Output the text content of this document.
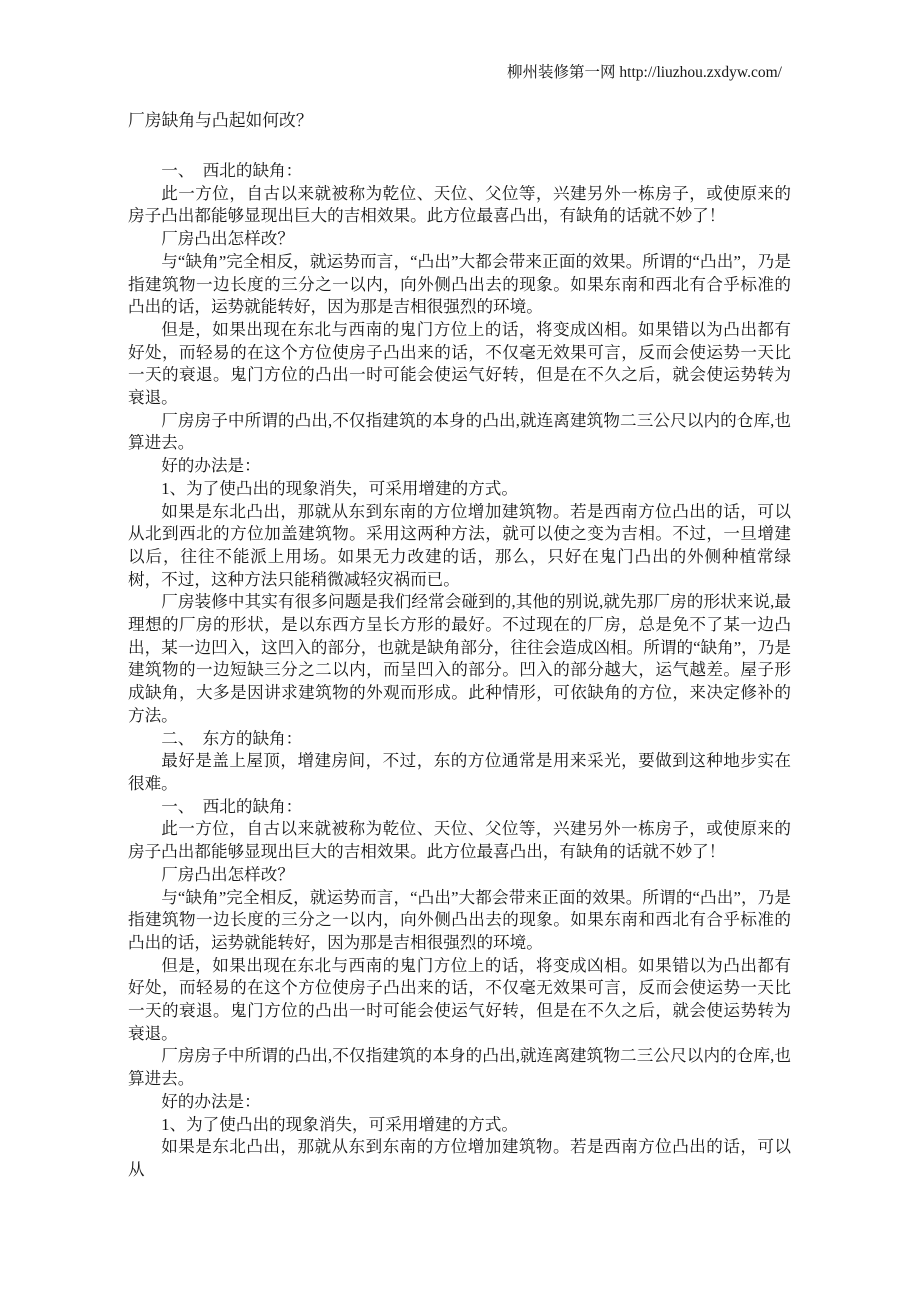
柳州装修第一网 http://liuzhou.zxdyw.com/
厂房缺角与凸起如何改？

一、　西北的缺角：

此一方位，自古以来就被称为乾位、天位、父位等，兴建另外一栋房子，或使原来的房子凸出都能够显现出巨大的吉相效果。此方位最喜凸出，有缺角的话就不妙了！

厂房凸出怎样改？

与“缺角”完全相反，就运势而言，“凸出”大都会带来正面的效果。所谓的“凸出”，乃是指建筑物一边长度的三分之一以内，向外侧凸出去的现象。如果东南和西北有合乎标准的凸出的话，运势就能转好，因为那是吉相很强烈的环境。

但是，如果出现在东北与西南的鬼门方位上的话，将变成凶相。如果错以为凸出都有好处，而轻易的在这个方位使房子凸出来的话，不仅毫无效果可言，反而会使运势一天比一天的衰退。鬼门方位的凸出一时可能会使运气好转，但是在不久之后，就会使运势转为衰退。

厂房房子中所谓的凸出,不仅指建筑的本身的凸出,就连离建筑物二三公尺以内的仓库,也算进去。

好的办法是：

1、为了使凸出的现象消失，可采用增建的方式。

如果是东北凸出，那就从东到东南的方位增加建筑物。若是西南方位凸出的话，可以从北到西北的方位加盖建筑物。采用这两种方法，就可以使之变为吉相。不过，一旦增建以后，往往不能派上用场。如果无力改建的话，那么，只好在鬼门凸出的外侧种植常绿树，不过，这种方法只能稍微减轻灾祸而已。

厂房装修中其实有很多问题是我们经常会碰到的,其他的别说,就先那厂房的形状来说,最理想的厂房的形状，是以东西方呈长方形的最好。不过现在的厂房，总是免不了某一边凸出，某一边凹入，这凹入的部分，也就是缺角部分，往往会造成凶相。所谓的“缺角”，乃是建筑物的一边短缺三分之二以内，而呈凹入的部分。凹入的部分越大，运气越差。屋子形成缺角，大多是因讲求建筑物的外观而形成。此种情形，可依缺角的方位，来决定修补的方法。

二、　东方的缺角：

最好是盖上屋顶，增建房间，不过，东的方位通常是用来采光，要做到这种地步实在很难。

一、　西北的缺角：

此一方位，自古以来就被称为乾位、天位、父位等，兴建另外一栋房子，或使原来的房子凸出都能够显现出巨大的吉相效果。此方位最喜凸出，有缺角的话就不妙了！

厂房凸出怎样改？

与“缺角”完全相反，就运势而言，“凸出”大都会带来正面的效果。所谓的“凸出”，乃是指建筑物一边长度的三分之一以内，向外侧凸出去的现象。如果东南和西北有合乎标准的凸出的话，运势就能转好，因为那是吉相很强烈的环境。

但是，如果出现在东北与西南的鬼门方位上的话，将变成凶相。如果错以为凸出都有好处，而轻易的在这个方位使房子凸出来的话，不仅毫无效果可言，反而会使运势一天比一天的衰退。鬼门方位的凸出一时可能会使运气好转，但是在不久之后，就会使运势转为衰退。

厂房房子中所谓的凸出,不仅指建筑的本身的凸出,就连离建筑物二三公尺以内的仓库,也算进去。

好的办法是：

1、为了使凸出的现象消失，可采用增建的方式。

如果是东北凸出，那就从东到东南的方位增加建筑物。若是西南方位凸出的话，可以从
